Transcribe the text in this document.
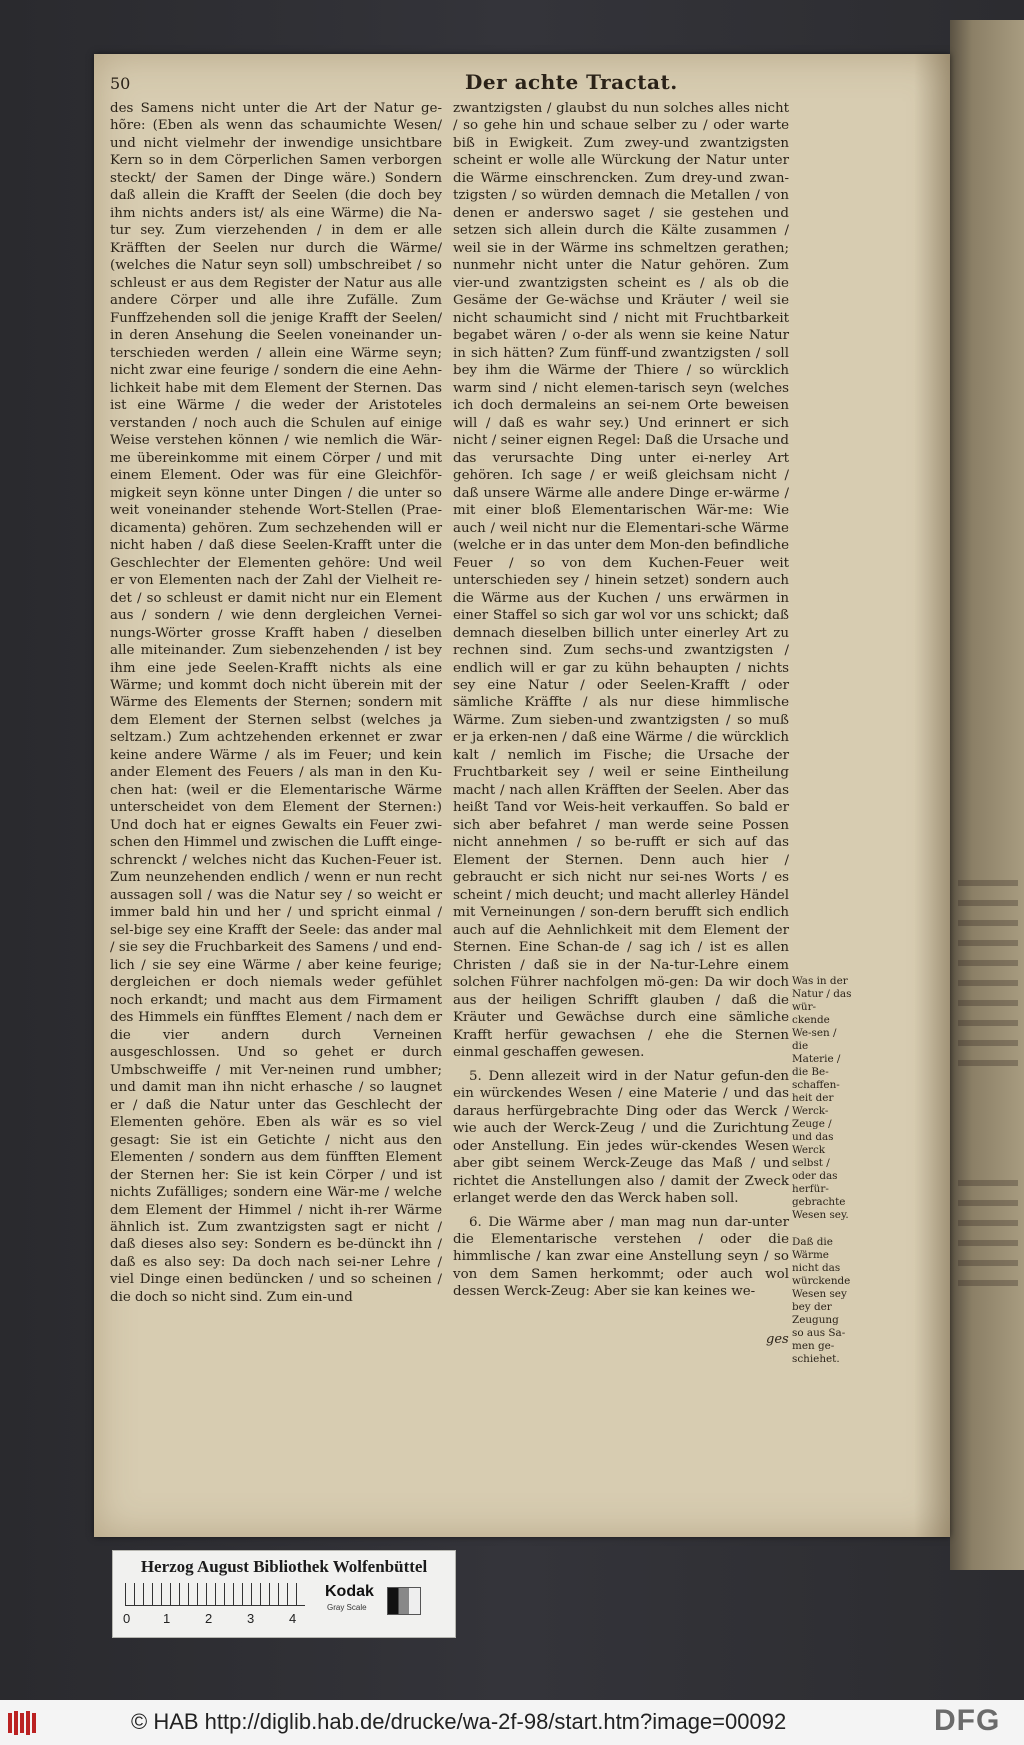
50	Der achte Tractat.

des Samens nicht unter die Art der Natur ge-hõre: (Eben als wenn das schaumichte Wesen/ und nicht vielmehr der inwendige unsichtbare Kern so in dem Cörperlichen Samen verborgen steckt/ der Samen der Dinge wäre.) Sondern daß allein die Krafft der Seelen (die doch bey ihm nichts anders ist/ als eine Wärme) die Na-tur sey. Zum vierzehenden / in dem er alle Kräfften der Seelen nur durch die Wärme/ (welches die Natur seyn soll) umbschreibet / so schleust er aus dem Register der Natur aus alle andere Cörper und alle ihre Zufälle. Zum Funffzehenden soll die jenige Krafft der Seelen/ in deren Ansehung die Seelen voneinander un-terschieden werden / allein eine Wärme seyn; nicht zwar eine feurige / sondern die eine Aehn-lichkeit habe mit dem Element der Sternen. Das ist eine Wärme / die weder der Aristoteles verstanden / noch auch die Schulen auf einige Weise verstehen können / wie nemlich die Wär-me übereinkomme mit einem Cörper / und mit einem Element. Oder was für eine Gleichför-migkeit seyn könne unter Dingen / die unter so weit voneinander stehende Wort-Stellen (Prae-dicamenta) gehören. Zum sechzehenden will er nicht haben / daß diese Seelen-Krafft unter die Geschlechter der Elementen gehöre: Und weil er von Elementen nach der Zahl der Vielheit re-det / so schleust er damit nicht nur ein Element aus / sondern / wie denn dergleichen Vernei-nungs-Wörter grosse Krafft haben / dieselben alle miteinander. Zum siebenzehenden / ist bey ihm eine jede Seelen-Krafft nichts als eine Wärme; und kommt doch nicht überein mit der Wärme des Elements der Sternen; sondern mit dem Element der Sternen selbst (welches ja seltzam.) Zum achtzehenden erkennet er zwar keine andere Wärme / als im Feuer; und kein ander Element des Feuers / als man in den Ku-chen hat: (weil er die Elementarische Wärme unterscheidet von dem Element der Sternen:) Und doch hat er eignes Gewalts ein Feuer zwi-schen den Himmel und zwischen die Lufft einge-schrenckt / welches nicht das Kuchen-Feuer ist. Zum neunzehenden endlich / wenn er nun recht aussagen soll / was die Natur sey / so weicht er immer bald hin und her / und spricht einmal / sel-bige sey eine Krafft der Seele: das ander mal / sie sey die Fruchbarkeit des Samens / und end-lich / sie sey eine Wärme / aber keine feurige; dergleichen er doch niemals weder gefühlet noch erkandt; und macht aus dem Firmament des Himmels ein fünfftes Element / nach dem er die vier andern durch Verneinen ausgeschlossen. Und so gehet er durch Umbschweiffe / mit Ver-neinen rund umbher; und damit man ihn nicht erhasche / so laugnet er / daß die Natur unter das Geschlecht der Elementen gehöre. Eben als wär es so viel gesagt: Sie ist ein Getichte / nicht aus den Elementen / sondern aus dem fünfften Element der Sternen her: Sie ist kein Cörper / und ist nichts Zufälliges; sondern eine Wär-me / welche dem Element der Himmel / nicht ih-rer Wärme ähnlich ist. Zum zwantzigsten sagt er nicht / daß dieses also sey: Sondern es be-dünckt ihn / daß es also sey: Da doch nach sei-ner Lehre / viel Dinge einen bedüncken / und so scheinen / die doch so nicht sind. Zum ein-und

zwantzigsten / glaubst du nun solches alles nicht / so gehe hin und schaue selber zu / oder warte biß in Ewigkeit. Zum zwey-und zwantzigsten scheint er wolle alle Würckung der Natur unter die Wärme einschrencken. Zum drey-und zwan-tzigsten / so würden demnach die Metallen / von denen er anderswo saget / sie gestehen und setzen sich allein durch die Kälte zusammen / weil sie in der Wärme ins schmeltzen gerathen; nunmehr nicht unter die Natur gehören. Zum vier-und zwantzigsten scheint es / als ob die Gesäme der Ge-wächse und Kräuter / weil sie nicht schaumicht sind / nicht mit Fruchtbarkeit begabet wären / o-der als wenn sie keine Natur in sich hätten? Zum fünff-und zwantzigsten / soll bey ihm die Wärme der Thiere / so würcklich warm sind / nicht elemen-tarisch seyn (welches ich doch dermaleins an sei-nem Orte beweisen will / daß es wahr sey.) Und erinnert er sich nicht / seiner eignen Regel: Daß die Ursache und das verursachte Ding unter ei-nerley Art gehören. Ich sage / er weiß gleichsam nicht / daß unsere Wärme alle andere Dinge er-wärme / mit einer bloß Elementarischen Wär-me: Wie auch / weil nicht nur die Elementari-sche Wärme (welche er in das unter dem Mon-den befindliche Feuer / so von dem Kuchen-Feuer weit unterschieden sey / hinein setzet) sondern auch die Wärme aus der Kuchen / uns erwärmen in einer Staffel so sich gar wol vor uns schickt; daß demnach dieselben billich unter einerley Art zu rechnen sind. Zum sechs-und zwantzigsten / endlich will er gar zu kühn behaupten / nichts sey eine Natur / oder Seelen-Krafft / oder sämliche Kräffte / als nur diese himmlische Wärme. Zum sieben-und zwantzigsten / so muß er ja erken-nen / daß eine Wärme / die würcklich kalt / nemlich im Fische; die Ursache der Fruchtbarkeit sey / weil er seine Eintheilung macht / nach allen Kräfften der Seelen. Aber das heißt Tand vor Weis-heit verkauffen. So bald er sich aber befahret / man werde seine Possen nicht annehmen / so be-rufft er sich auf das Element der Sternen. Denn auch hier / gebraucht er sich nicht nur sei-nes Worts / es scheint / mich deucht; und macht allerley Händel mit Verneinungen / son-dern berufft sich endlich auch auf die Aehnlichkeit mit dem Element der Sternen. Eine Schan-de / sag ich / ist es allen Christen / daß sie in der Na-tur-Lehre einem solchen Führer nachfolgen mö-gen: Da wir doch aus der heiligen Schrifft glauben / daß die Kräuter und Gewächse durch eine sämliche Krafft herfür gewachsen / ehe die Sternen einmal geschaffen gewesen.

5. Denn allezeit wird in der Natur gefun-den ein würckendes Wesen / eine Materie / und das daraus herfürgebrachte Ding oder das Werck / wie auch der Werck-Zeug / und die Zurichtung oder Anstellung. Ein jedes wür-ckendes Wesen aber gibt seinem Werck-Zeuge das Maß / und richtet die Anstellungen also / damit der Zweck erlanget werde den das Werck haben soll.

6. Die Wärme aber / man mag nun dar-unter die Elementarische verstehen / oder die himmlische / kan zwar eine Anstellung seyn / so von dem Samen herkommt; oder auch wol dessen Werck-Zeug: Aber sie kan keines we-

ges
Was in der Natur / das wür-ckende We-sen / die Materie / die Be-schaffen-heit der Werck-Zeuge / und das Werck selbst / oder das herfür-gebrachte Wesen sey.
Daß die Wärme nicht das würckende Wesen sey bey der Zeugung so aus Sa-men ge-schiehet.
Herzog August Bibliothek Wolfenbüttel
0	1	2	3	4
Kodak
Gray Scale
© HAB http://diglib.hab.de/drucke/wa-2f-98/start.htm?image=00092	DFG
